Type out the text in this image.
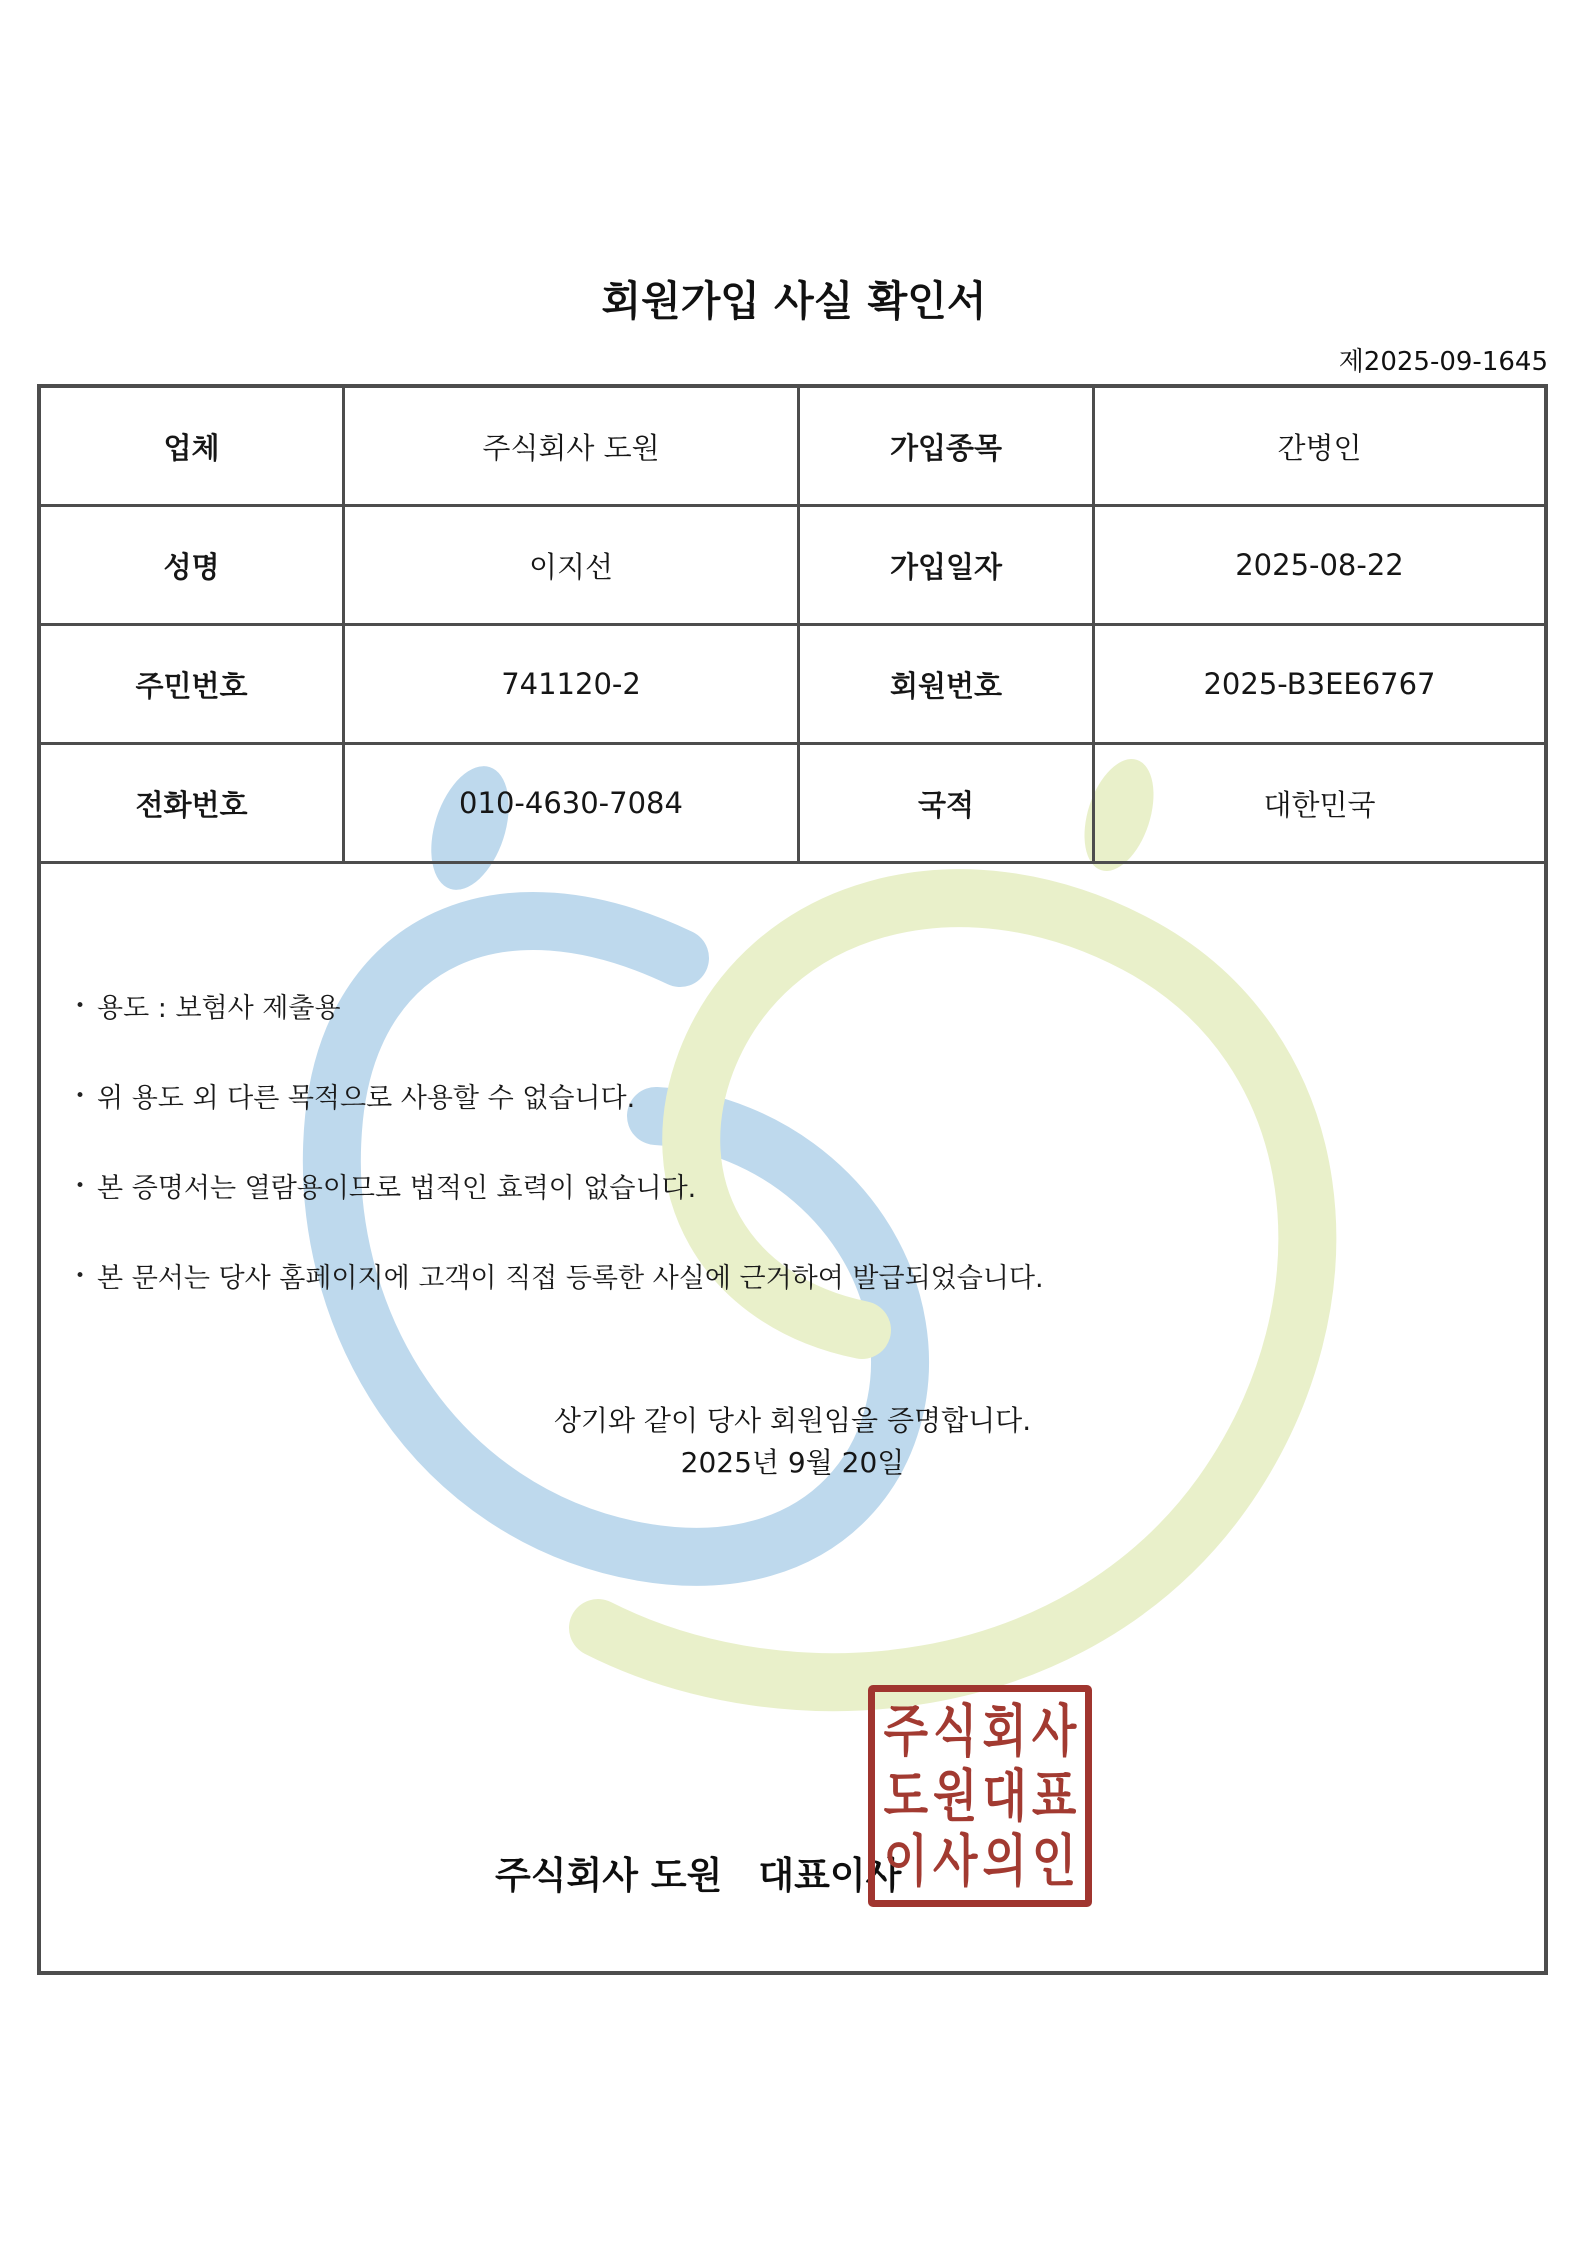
회원가입 사실 확인서
제2025-09-1645
업체	주식회사 도원	가입종목	간병인
성명	이지선	가입일자	2025-08-22
주민번호	741120-2	회원번호	2025-B3EE6767
전화번호	010-4630-7084	국적	대한민국
• 용도 : 보험사 제출용
• 위 용도 외 다른 목적으로 사용할 수 없습니다.
• 본 증명서는 열람용이므로 법적인 효력이 없습니다.
• 본 문서는 당사 홈페이지에 고객이 직접 등록한 사실에 근거하여 발급되었습니다.
상기와 같이 당사 회원임을 증명합니다.
2025년 9월 20일
주식회사 도원 대표이사
주식회사
도원대표
이사의인
